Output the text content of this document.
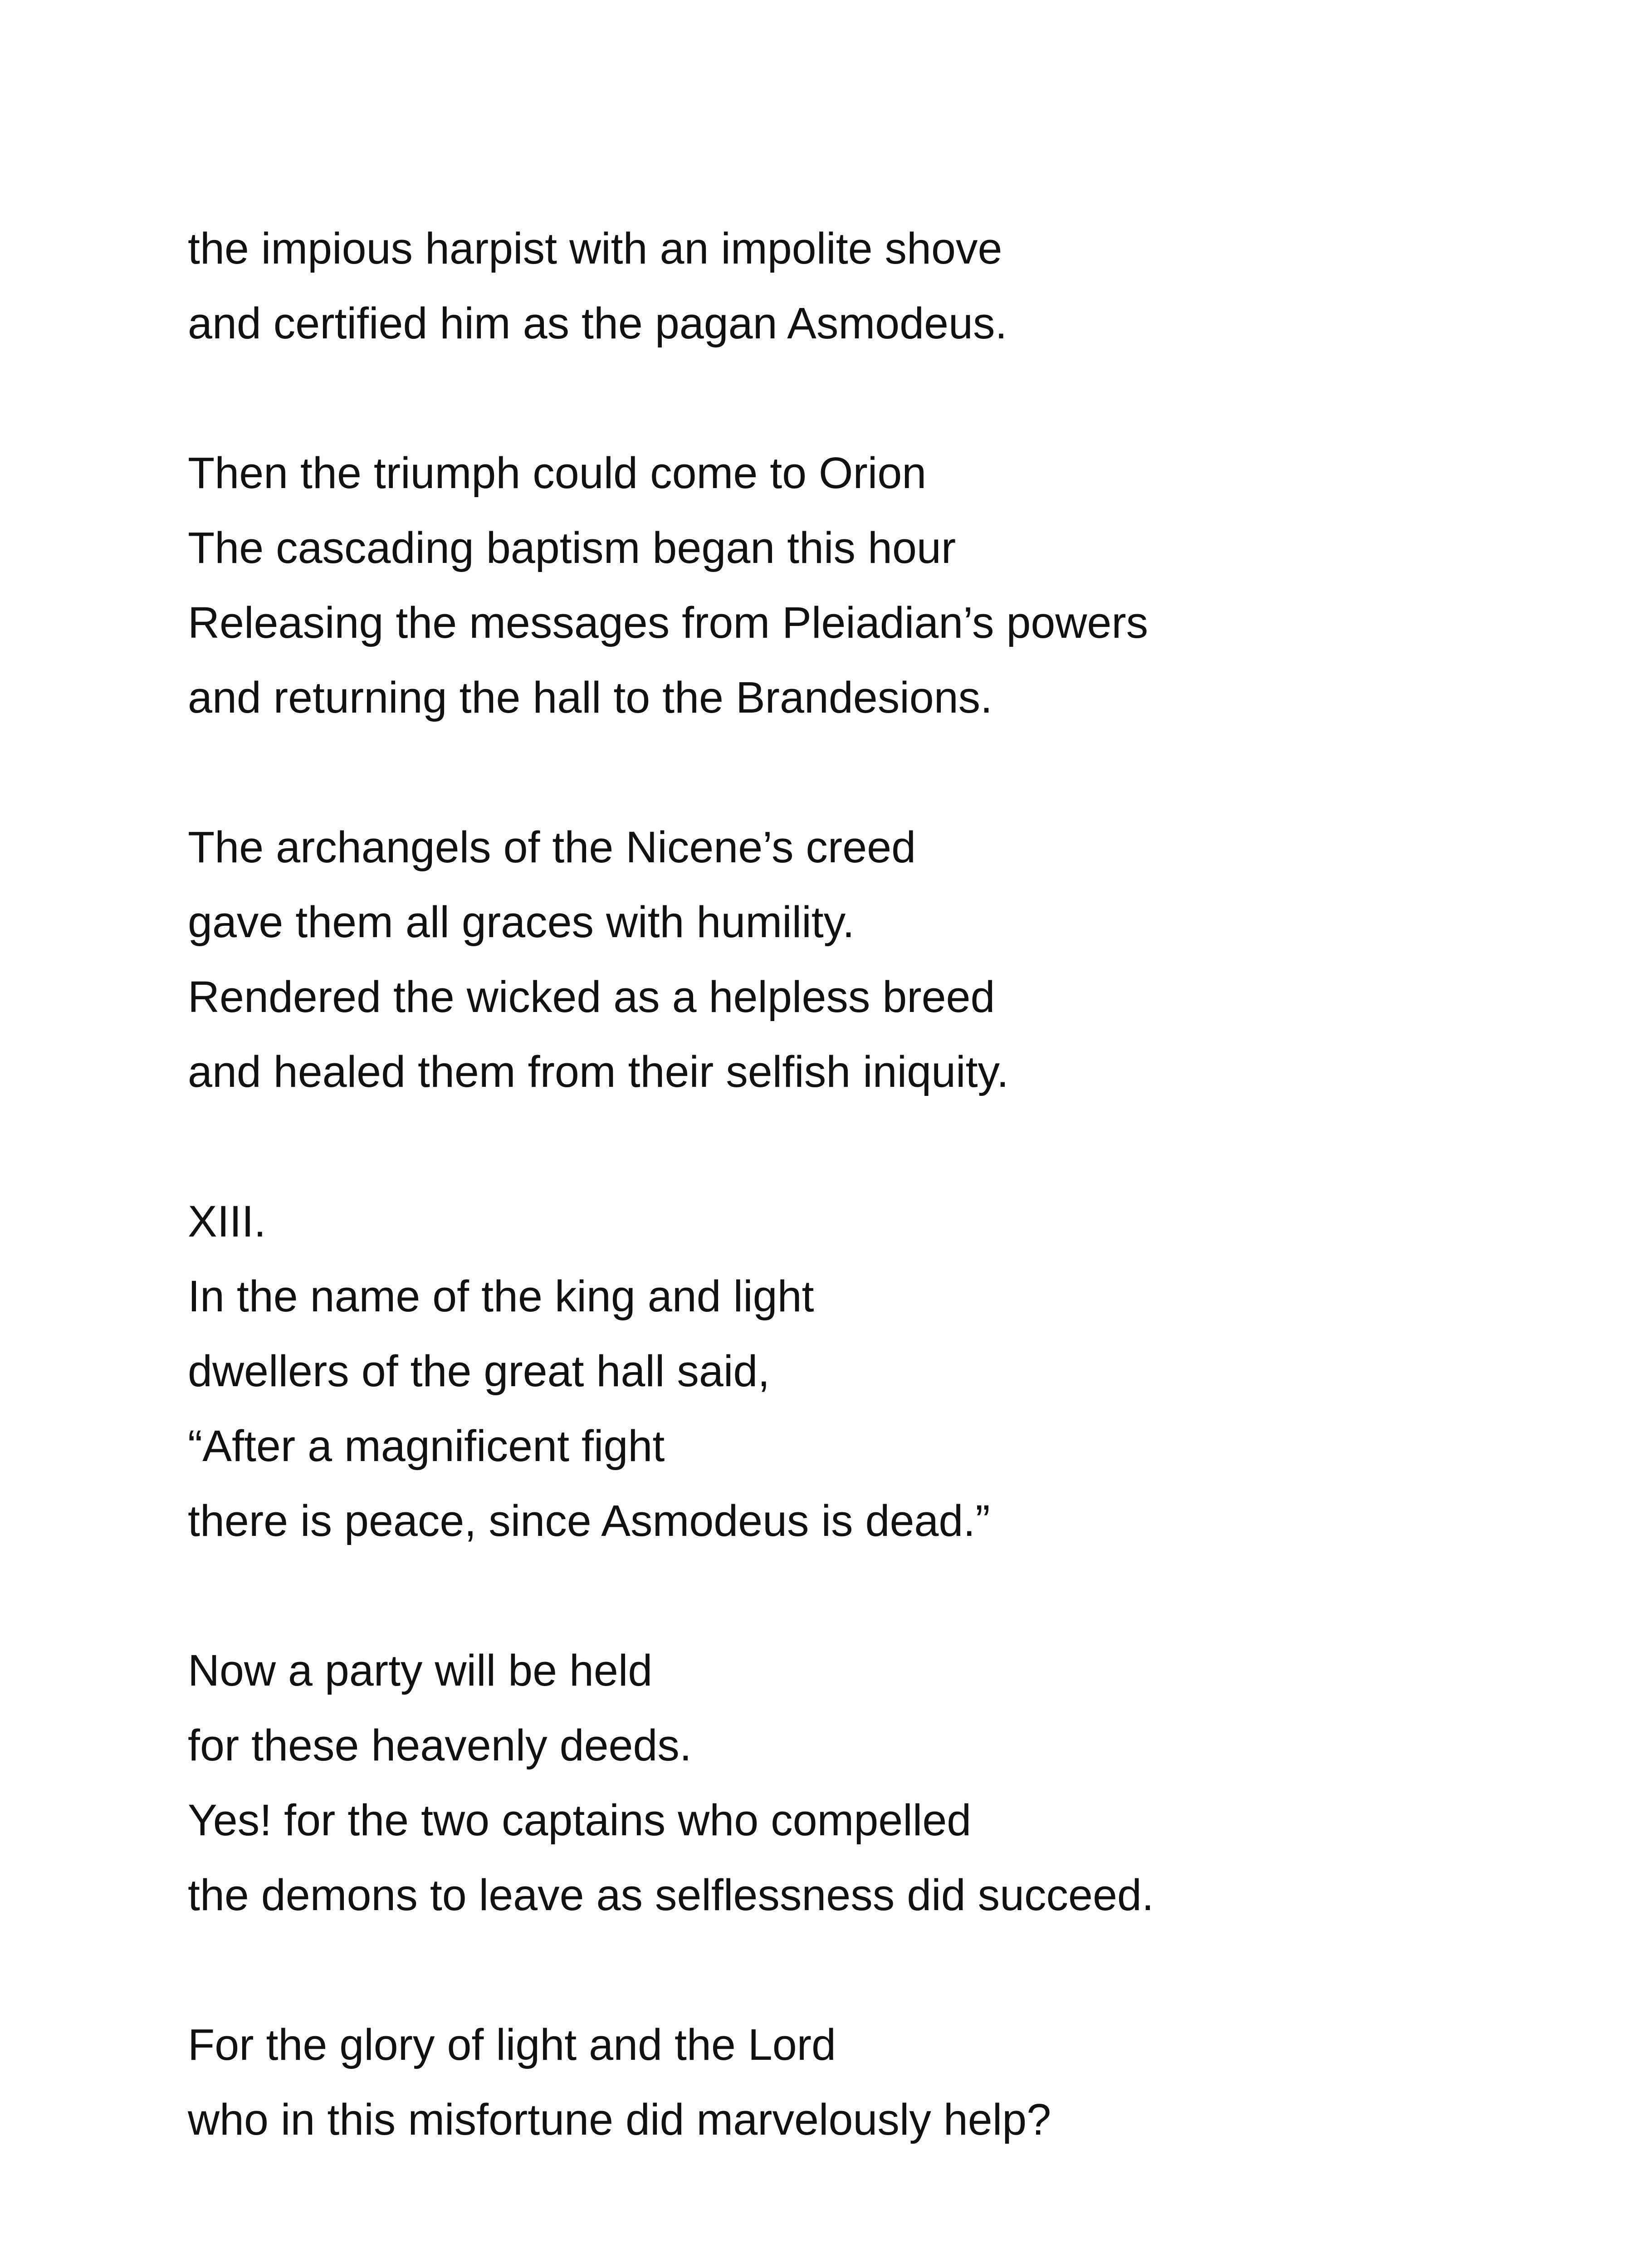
the impious harpist with an impolite shove
and certified him as the pagan Asmodeus.
Then the triumph could come to Orion
The cascading baptism began this hour
Releasing the messages from Pleiadian’s powers
and returning the hall to the Brandesions.
The archangels of the Nicene’s creed
gave them all graces with humility.
Rendered the wicked as a helpless breed
and healed them from their selfish iniquity.
XIII.
In the name of the king and light
dwellers of the great hall said,
“After a magnificent fight
there is peace, since Asmodeus is dead.”
Now a party will be held
for these heavenly deeds.
Yes! for the two captains who compelled
the demons to leave as selflessness did succeed.
For the glory of light and the Lord
who in this misfortune did marvelously help?
